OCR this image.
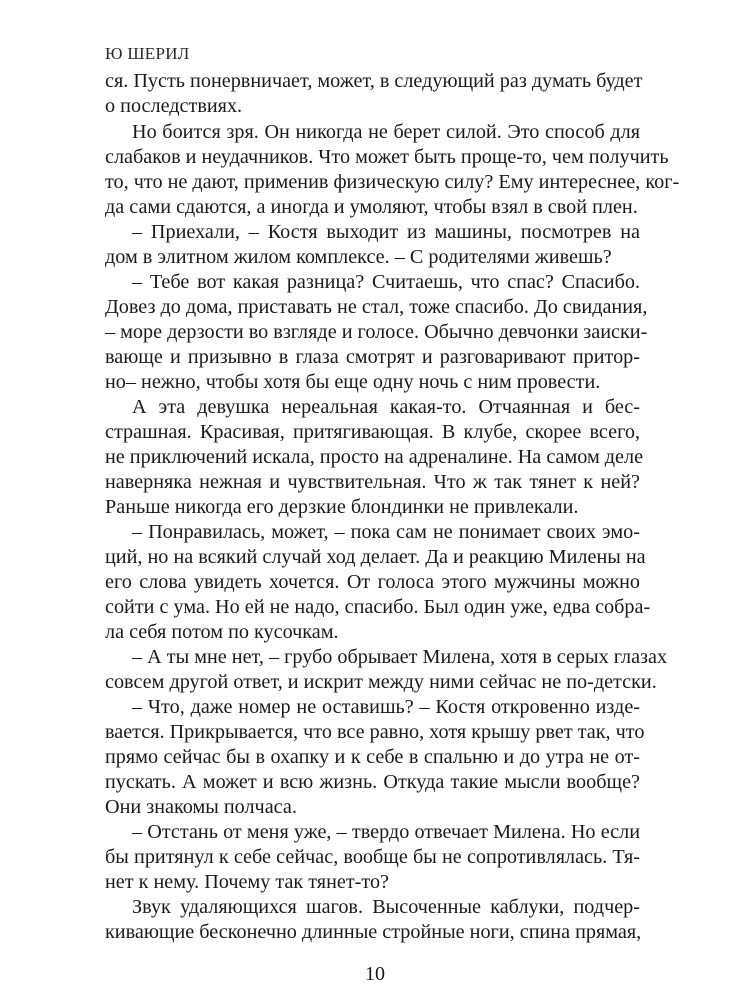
Ю ШЕРИЛ
ся. Пусть понервничает, может, в следующий раз думать будет
о последствиях.
Но боится зря. Он никогда не берет силой. Это способ для
слабаков и неудачников. Что может быть проще-то, чем получить
то, что не дают, применив физическую силу? Ему интереснее, ког-
да сами сдаются, а иногда и умоляют, чтобы взял в свой плен.
– Приехали, – Костя выходит из машины, посмотрев на
дом в элитном жилом комплексе. – С родителями живешь?
– Тебе вот какая разница? Считаешь, что спас? Спасибо.
Довез до дома, приставать не стал, тоже спасибо. До свидания,
– море дерзости во взгляде и голосе. Обычно девчонки заиски-
вающе и призывно в глаза смотрят и разговаривают притор-
но– нежно, чтобы хотя бы еще одну ночь с ним провести.
А эта девушка нереальная какая-то. Отчаянная и бес-
страшная. Красивая, притягивающая. В клубе, скорее всего,
не приключений искала, просто на адреналине. На самом деле
наверняка нежная и чувствительная. Что ж так тянет к ней?
Раньше никогда его дерзкие блондинки не привлекали.
– Понравилась, может, – пока сам не понимает своих эмо-
ций, но на всякий случай ход делает. Да и реакцию Милены на
его слова увидеть хочется. От голоса этого мужчины можно
сойти с ума. Но ей не надо, спасибо. Был один уже, едва собра-
ла себя потом по кусочкам.
– А ты мне нет, – грубо обрывает Милена, хотя в серых глазах
совсем другой ответ, и искрит между ними сейчас не по-детски.
– Что, даже номер не оставишь? – Костя откровенно изде-
вается. Прикрывается, что все равно, хотя крышу рвет так, что
прямо сейчас бы в охапку и к себе в спальню и до утра не от-
пускать. А может и всю жизнь. Откуда такие мысли вообще?
Они знакомы полчаса.
– Отстань от меня уже, – твердо отвечает Милена. Но если
бы притянул к себе сейчас, вообще бы не сопротивлялась. Тя-
нет к нему. Почему так тянет-то?
Звук удаляющихся шагов. Высоченные каблуки, подчер-
кивающие бесконечно длинные стройные ноги, спина прямая,
10
